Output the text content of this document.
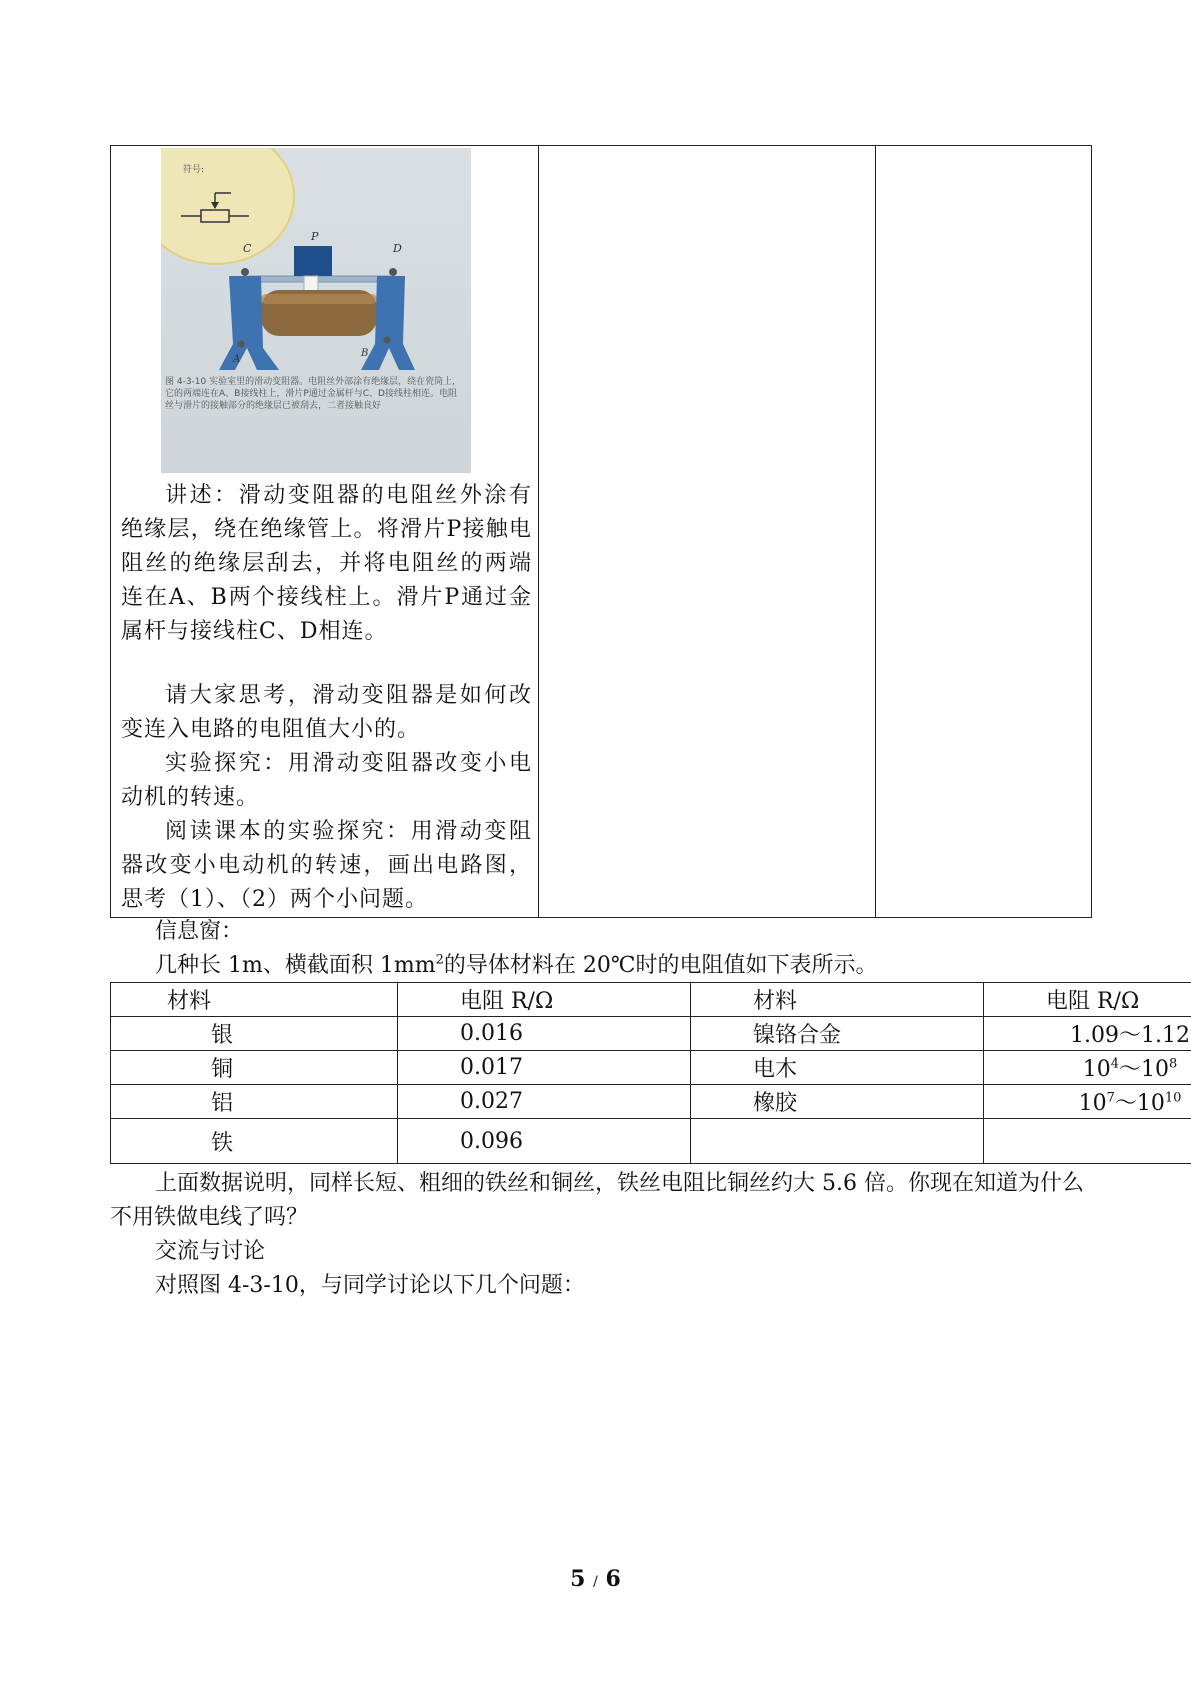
符号:
P
C	D
A
B
图 4-3-10 实验室里的滑动变阻器。电阻丝外部涂有绝缘层，绕在瓷筒上，它的两端连在A、B接线柱上，滑片P通过金属杆与C、D接线柱相连。电阻丝与滑片的接触部分的绝缘层已被刮去，二者接触良好

讲述：滑动变阻器的电阻丝外涂有绝缘层，绕在绝缘管上。将滑片P接触电阻丝的绝缘层刮去，并将电阻丝的两端连在A、B两个接线柱上。滑片P通过金属杆与接线柱C、D相连。

请大家思考，滑动变阻器是如何改变连入电路的电阻值大小的。

实验探究：用滑动变阻器改变小电动机的转速。

阅读课本的实验探究：用滑动变阻器改变小电动机的转速，画出电路图，思考（1）、（2）两个小问题。

信息窗：

几种长 1m、横截面积 $1mm^2$的导体材料在 20℃时的电阻值如下表所示。

材料	电阻 R/Ω	材料	电阻 R/Ω
银	0.016	镍铬合金	1.09～1.12
铜	0.017	电木	$10^4\sim 10^8$
铝	0.027	橡胶	$10^7\sim 10^{10}$
铁	0.096		

上面数据说明，同样长短、粗细的铁丝和铜丝，铁丝电阻比铜丝约大 5.6 倍。你现在知道为什么不用铁做电线了吗？

交流与讨论

对照图 4-3-10，与同学讨论以下几个问题：

5 / 6
